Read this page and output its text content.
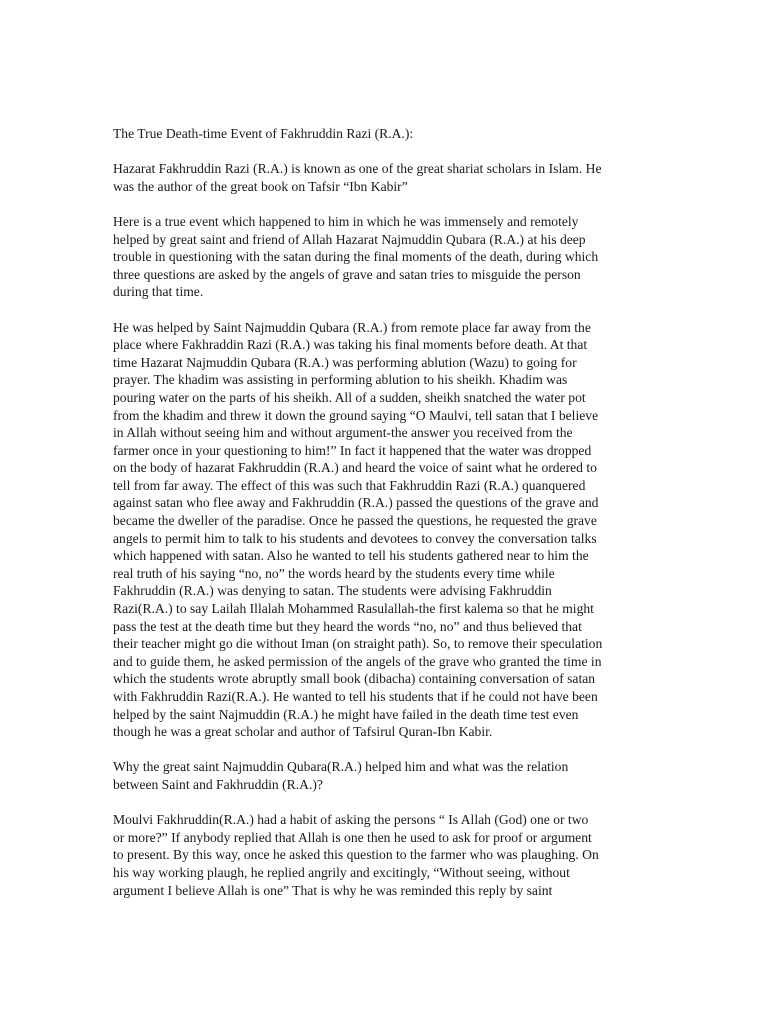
The True Death-time Event of Fakhruddin Razi (R.A.):

Hazarat Fakhruddin Razi (R.A.) is known as one of the great shariat scholars in Islam. He
was the author of the great book on Tafsir “Ibn Kabir”

Here is a true event which happened to him in which he was immensely and remotely
helped by great saint and friend of Allah Hazarat Najmuddin Qubara (R.A.) at his deep
trouble in questioning with the satan during the final moments of the death, during which
three questions are asked by the angels of grave and satan tries to misguide the person
during that time.

He was helped by Saint Najmuddin Qubara (R.A.) from remote place far away from the
place where Fakhraddin Razi (R.A.) was taking his final moments before death. At that
time Hazarat Najmuddin Qubara (R.A.) was performing ablution (Wazu) to going for
prayer. The khadim was assisting in performing ablution to his sheikh. Khadim was
pouring water on the parts of his sheikh. All of a sudden, sheikh snatched the water pot
from the khadim and threw it down the ground saying “O Maulvi, tell satan that I believe
in Allah without seeing him and without argument-the answer you received from the
farmer once in your questioning to him!” In fact it happened that the water was dropped
on the body of hazarat Fakhruddin (R.A.) and heard the voice of saint what he ordered to
tell from far away. The effect of this was such that Fakhruddin Razi (R.A.) quanquered
against satan who flee away and Fakhruddin (R.A.) passed the questions of the grave and
became the dweller of the paradise. Once he passed the questions, he requested the grave
angels to permit him to talk to his students and devotees to convey the conversation talks
which happened with satan. Also he wanted to tell his students gathered near to him the
real truth of his saying “no, no” the words heard by the students every time while
Fakhruddin (R.A.) was denying to satan. The students were advising Fakhruddin
Razi(R.A.) to say Lailah Illalah Mohammed Rasulallah-the first kalema so that he might
pass the test at the death time but they heard the words “no, no” and thus believed that
their teacher might go die without Iman (on straight path). So, to remove their speculation
and to guide them, he asked permission of the angels of the grave who granted the time in
which the students wrote abruptly small book (dibacha) containing conversation of satan
with Fakhruddin Razi(R.A.). He wanted to tell his students that if he could not have been
helped by the saint Najmuddin (R.A.) he might have failed in the death time test even
though he was a great scholar and author of Tafsirul Quran-Ibn Kabir.

Why the great saint Najmuddin Qubara(R.A.) helped him and what was the relation
between Saint and Fakhruddin (R.A.)?

Moulvi Fakhruddin(R.A.) had a habit of asking the persons “ Is Allah (God) one or two
or more?” If anybody replied that Allah is one then he used to ask for proof or argument
to present. By this way, once he asked this question to the farmer who was plaughing. On
his way working plaugh, he replied angrily and excitingly, “Without seeing, without
argument I believe Allah is one” That is why he was reminded this reply by saint
